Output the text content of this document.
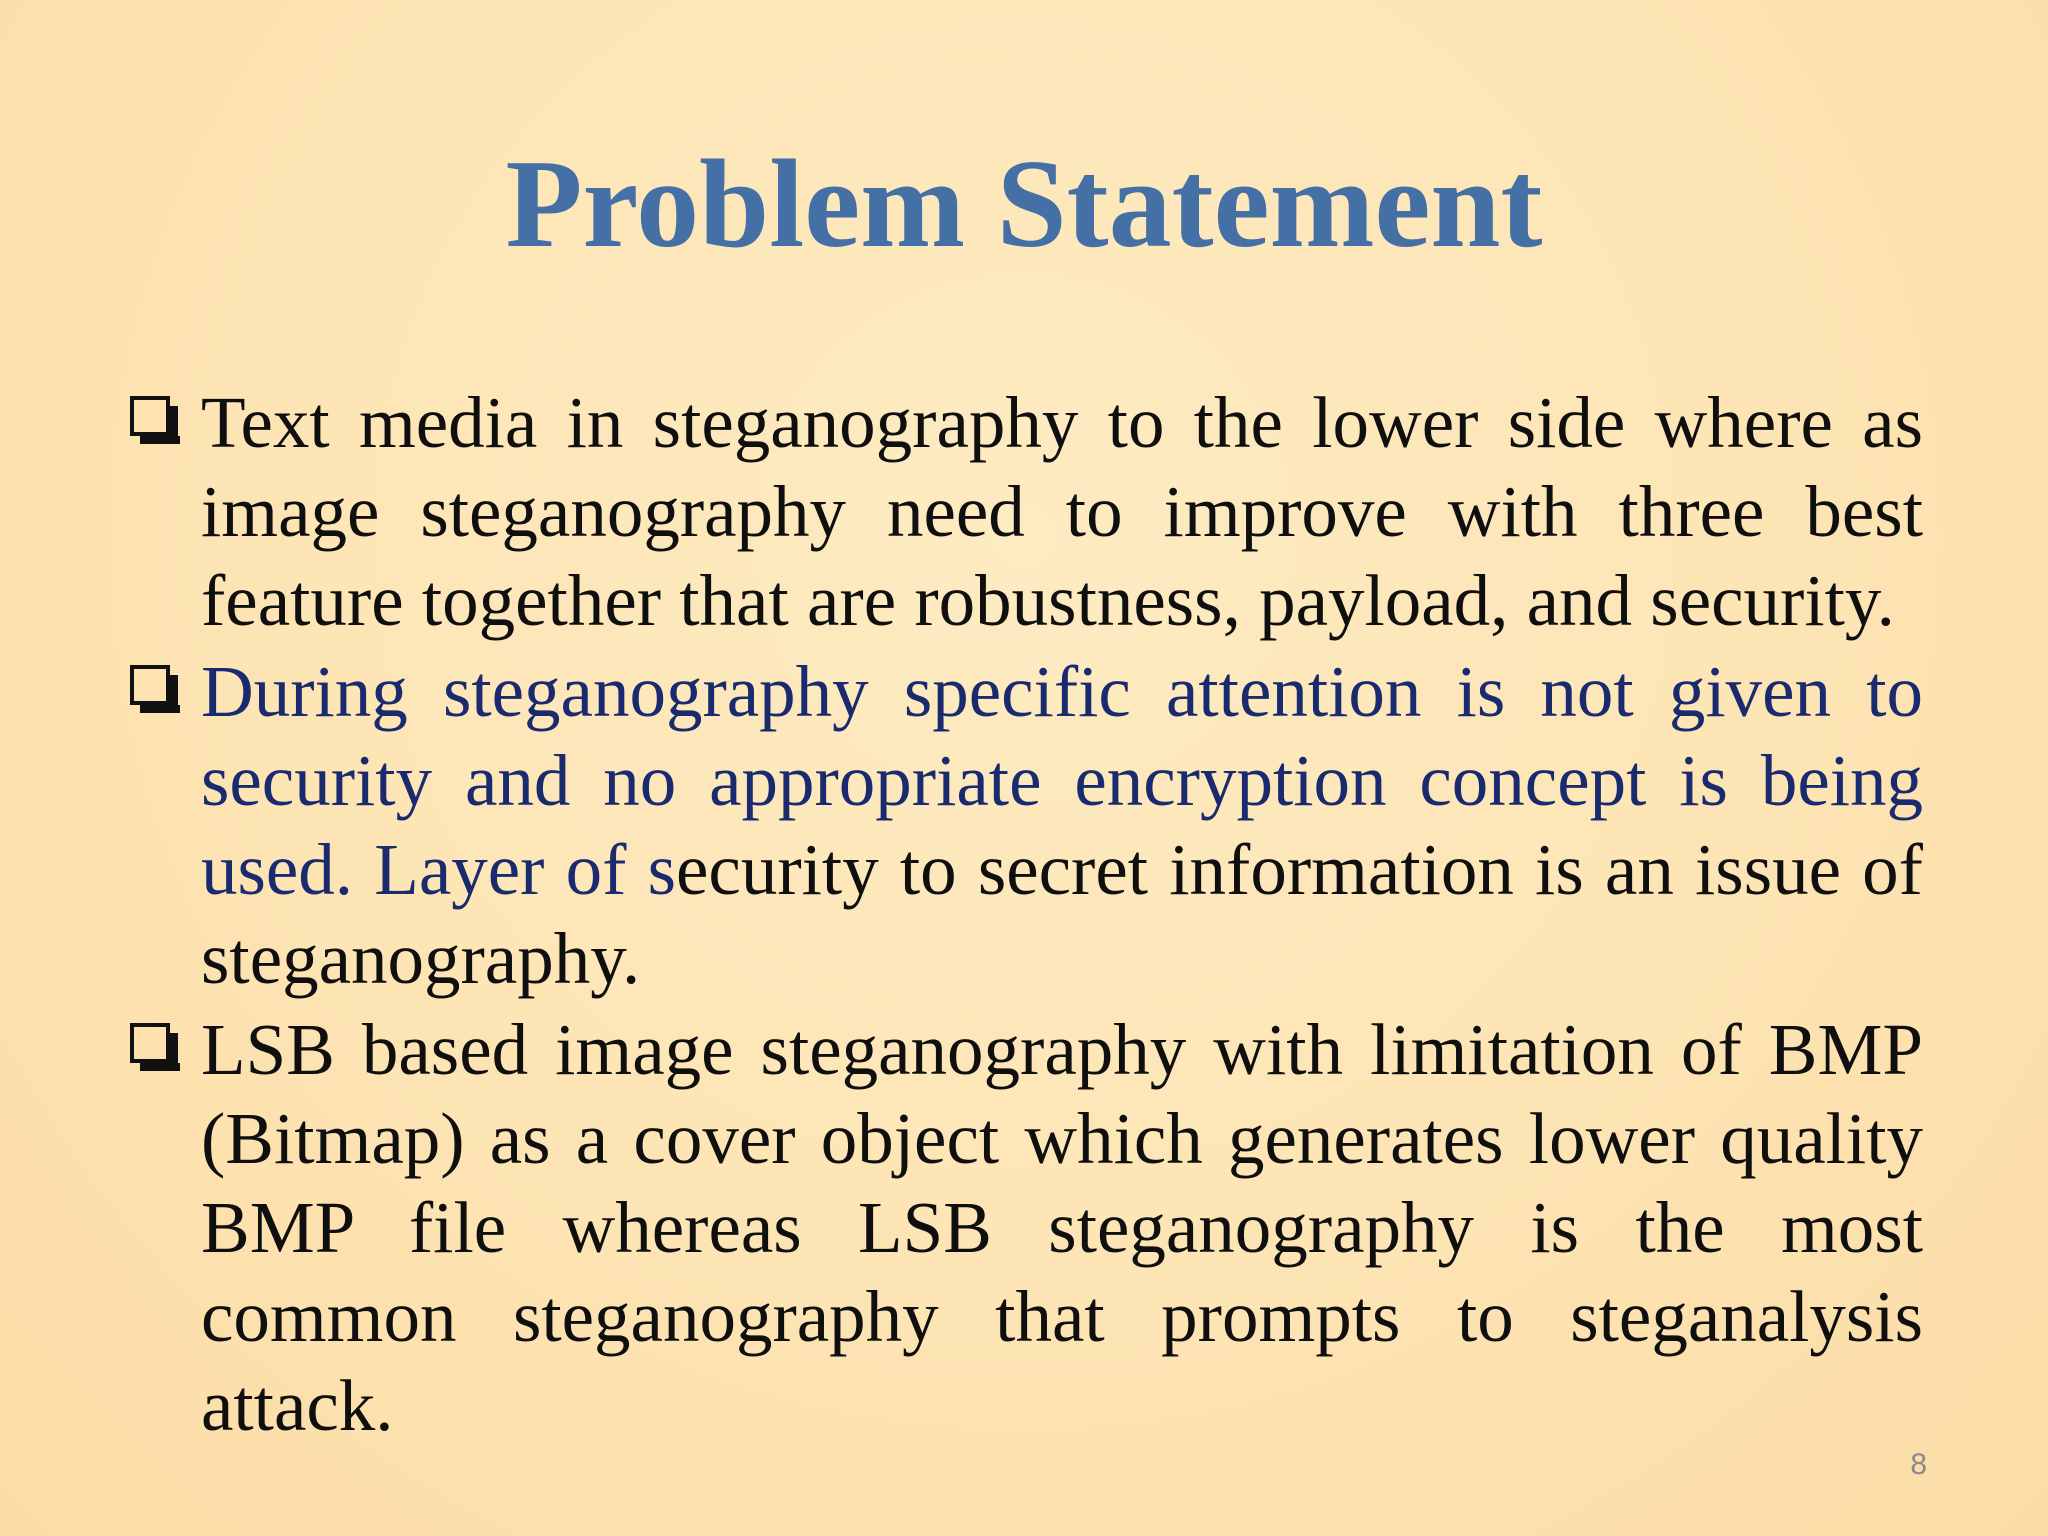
Problem Statement
Text media in steganography to the lower side where as image steganography need to improve with three best feature together that are robustness, payload, and security.
During steganography specific attention is not given to security and no appropriate encryption concept is being used. Layer of security to secret information is an issue of steganography.
LSB based image steganography with limitation of BMP (Bitmap) as a cover object which generates lower quality BMP file whereas LSB steganography is the most common steganography that prompts to steganalysis attack.
8
